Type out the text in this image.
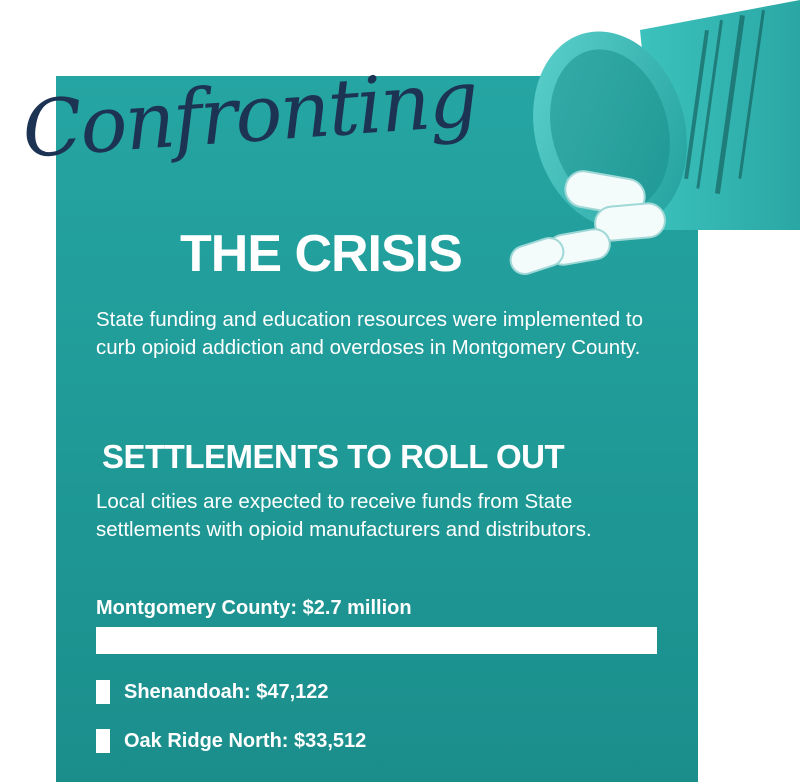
Confronting
THE CRISIS
State funding and education resources were implemented to curb opioid addiction and overdoses in Montgomery County.
SETTLEMENTS TO ROLL OUT
Local cities are expected to receive funds from State settlements with opioid manufacturers and distributors.
Montgomery County: $2.7 million
Shenandoah: $47,122
Oak Ridge North: $33,512
